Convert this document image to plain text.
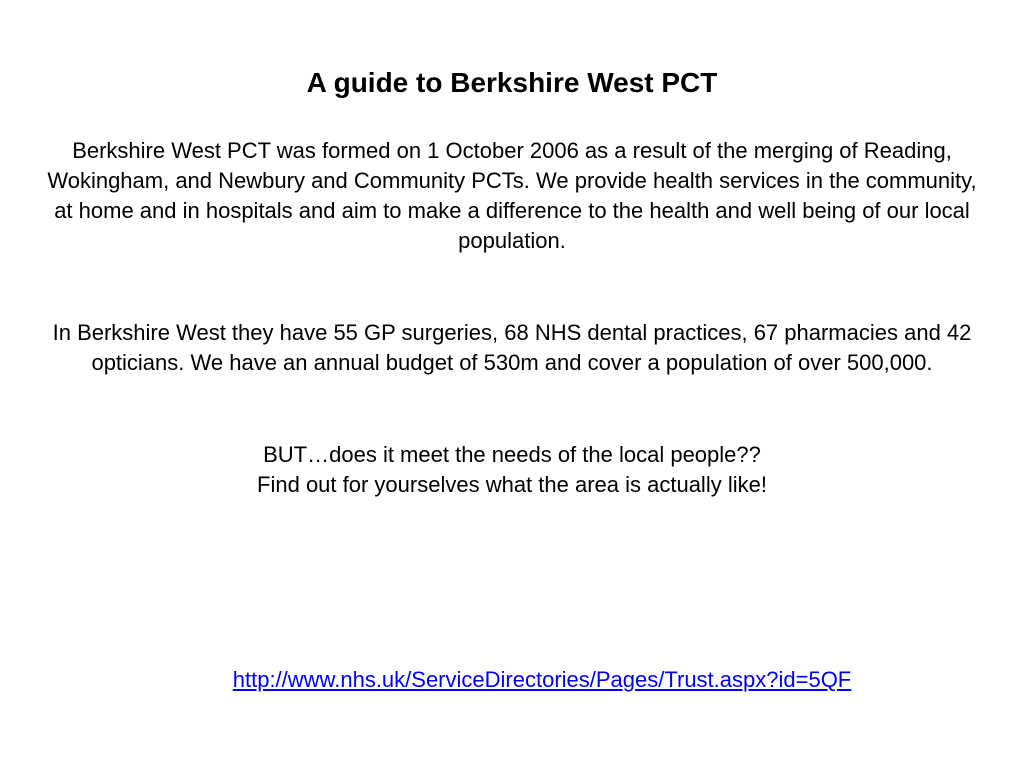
A guide to Berkshire West PCT

Berkshire West PCT was formed on 1 October 2006 as a result of the merging of Reading, Wokingham, and Newbury and Community PCTs. We provide health services in the community, at home and in hospitals and aim to make a difference to the health and well being of our local population.

In Berkshire West they have 55 GP surgeries, 68 NHS dental practices, 67 pharmacies and 42 opticians. We have an annual budget of 530m and cover a population of over 500,000.

BUT…does it meet the needs of the local people??
Find out for yourselves what the area is actually like!

http://www.nhs.uk/ServiceDirectories/Pages/Trust.aspx?id=5QF
